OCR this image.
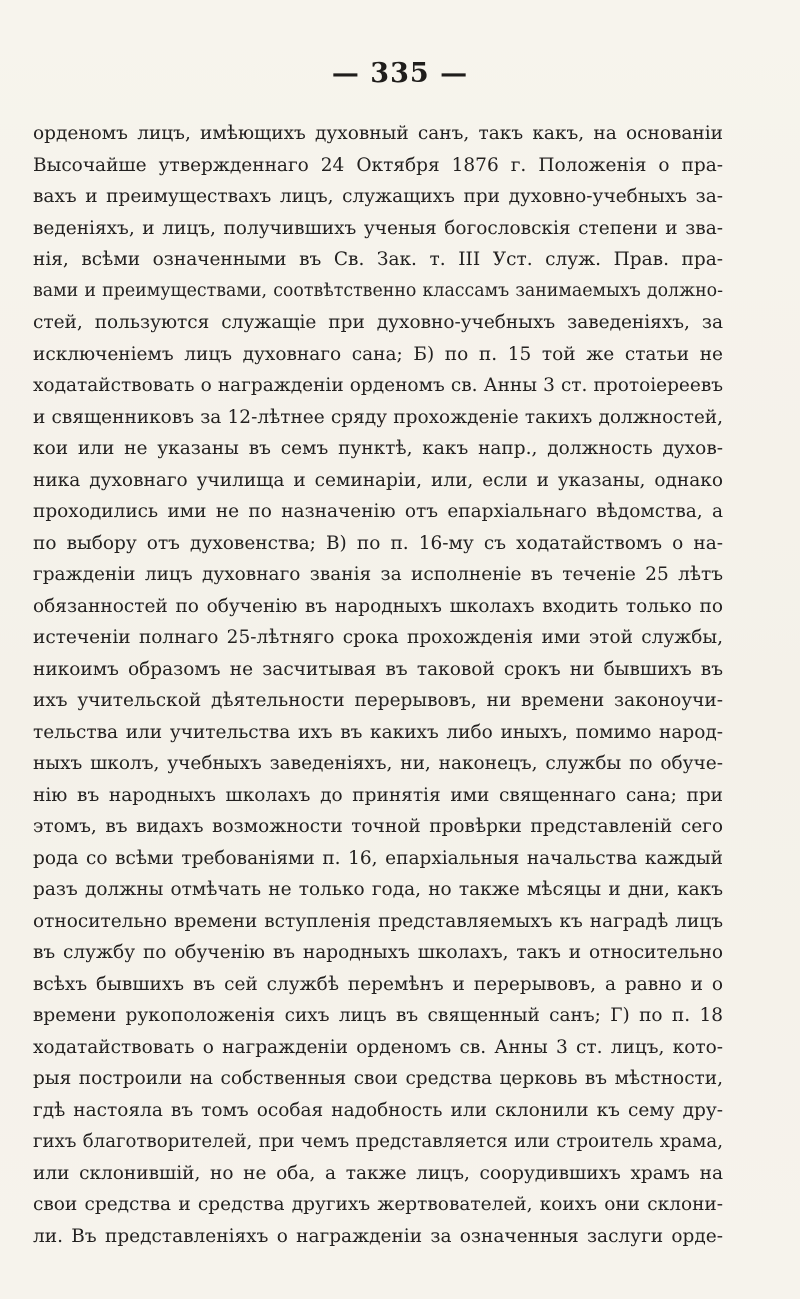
— 335 —
орденомъ лицъ, имѣющихъ духовный санъ, такъ какъ, на основаніи
Высочайше утвержденнаго 24 Октября 1876 г. Положенія о пра-
вахъ и преимуществахъ лицъ, служащихъ при духовно-учебныхъ за-
веденіяхъ, и лицъ, получившихъ ученыя богословскія степени и зва-
нія, всѣми означенными въ Св. Зак. т. III Уст. служ. Прав. пра-
вами и преимуществами, соотвѣтственно классамъ занимаемыхъ должно-
стей, пользуются служащіе при духовно-учебныхъ заведеніяхъ, за
исключеніемъ лицъ духовнаго сана; Б) по п. 15 той же статьи не
ходатайствовать о награжденіи орденомъ св. Анны 3 ст. протоіереевъ
и священниковъ за 12-лѣтнее сряду прохожденіе такихъ должностей,
кои или не указаны въ семъ пунктѣ, какъ напр., должность духов-
ника духовнаго училища и семинаріи, или, если и указаны, однако
проходились ими не по назначенію отъ епархіальнаго вѣдомства, а
по выбору отъ духовенства; В) по п. 16-му съ ходатайствомъ о на-
гражденіи лицъ духовнаго званія за исполненіе въ теченіе 25 лѣтъ
обязанностей по обученію въ народныхъ школахъ входить только по
истеченіи полнаго 25-лѣтняго срока прохожденія ими этой службы,
никоимъ образомъ не засчитывая въ таковой срокъ ни бывшихъ въ
ихъ учительской дѣятельности перерывовъ, ни времени законоучи-
тельства или учительства ихъ въ какихъ либо иныхъ, помимо народ-
ныхъ школъ, учебныхъ заведеніяхъ, ни, наконецъ, службы по обуче-
нію въ народныхъ школахъ до принятія ими священнаго сана; при
этомъ, въ видахъ возможности точной провѣрки представленій сего
рода со всѣми требованіями п. 16, епархіальныя начальства каждый
разъ должны отмѣчать не только года, но также мѣсяцы и дни, какъ
относительно времени вступленія представляемыхъ къ наградѣ лицъ
въ службу по обученію въ народныхъ школахъ, такъ и относительно
всѣхъ бывшихъ въ сей службѣ перемѣнъ и перерывовъ, а равно и о
времени рукоположенія сихъ лицъ въ священный санъ; Г) по п. 18
ходатайствовать о награжденіи орденомъ св. Анны 3 ст. лицъ, кото-
рыя построили на собственныя свои средства церковь въ мѣстности,
гдѣ настояла въ томъ особая надобность или склонили къ сему дру-
гихъ благотворителей, при чемъ представляется или строитель храма,
или склонившій, но не оба, а также лицъ, соорудившихъ храмъ на
свои средства и средства другихъ жертвователей, коихъ они склони-
ли. Въ представленіяхъ о награжденіи за означенныя заслуги орде-
